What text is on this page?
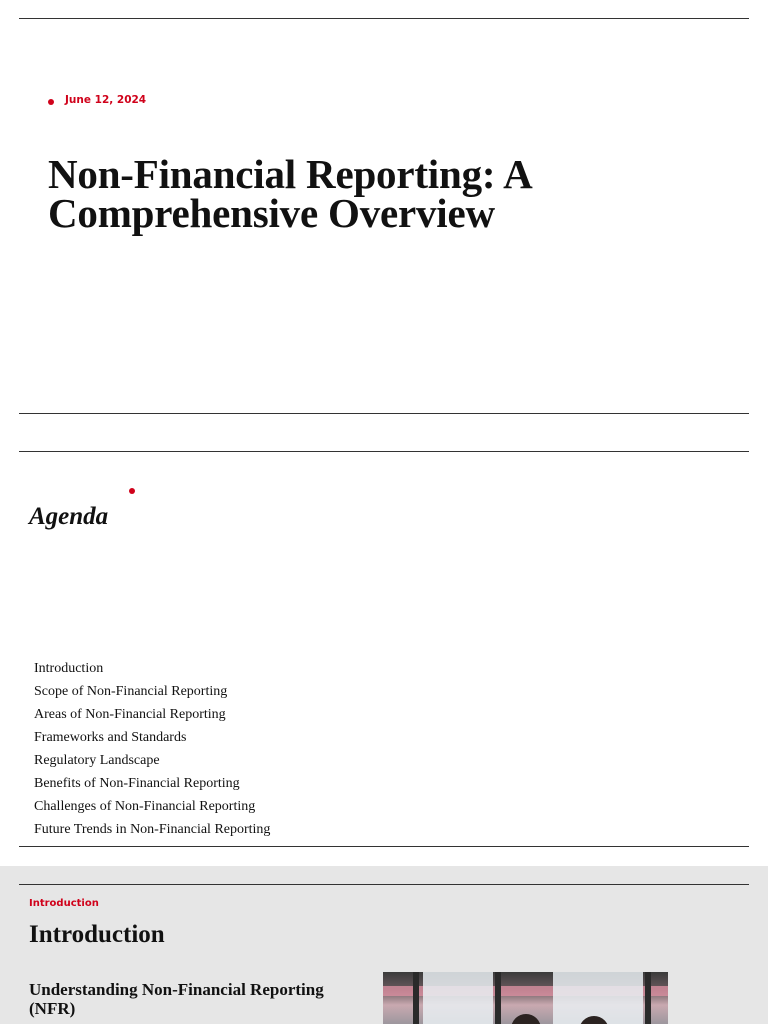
June 12, 2024
Non-Financial Reporting: A Comprehensive Overview
Agenda
Introduction
Scope of Non-Financial Reporting
Areas of Non-Financial Reporting
Frameworks and Standards
Regulatory Landscape
Benefits of Non-Financial Reporting
Challenges of Non-Financial Reporting
Future Trends in Non-Financial Reporting
Introduction
Introduction
Understanding Non-Financial Reporting (NFR)
